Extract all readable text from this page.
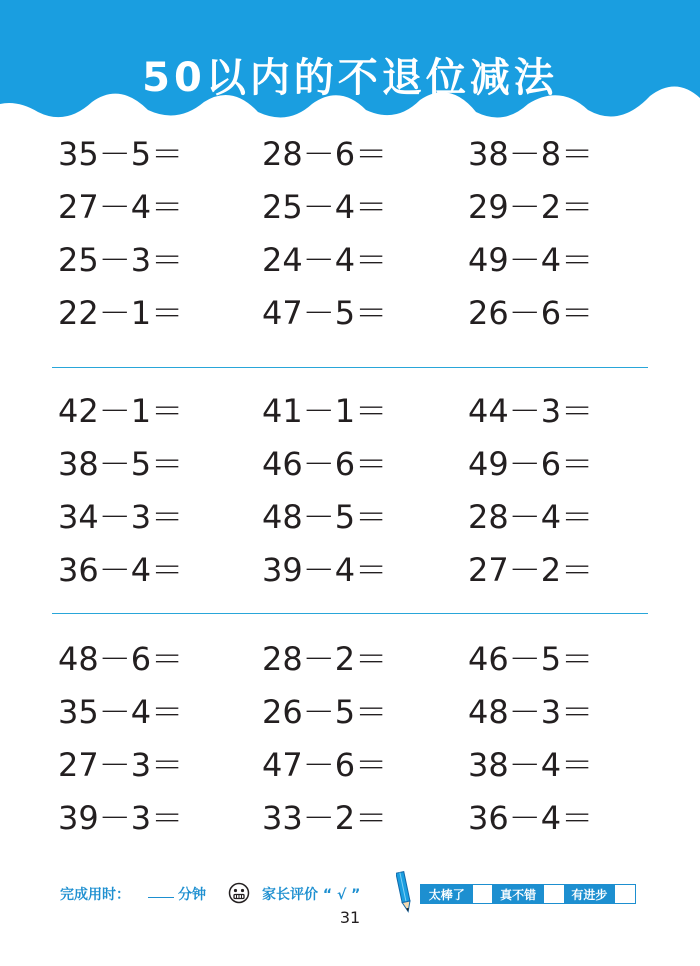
50以内的不退位减法
35－5＝ 28－6＝	38－8＝
27－4＝ 25－4＝	29－2＝
25－3＝ 24－4＝	49－4＝
22－1＝ 47－5＝	26－6＝
42－1＝ 41－1＝	44－3＝
38－5＝ 46－6＝	49－6＝
34－3＝ 48－5＝	28－4＝
36－4＝ 39－4＝	27－2＝
48－6＝ 28－2＝	46－5＝
35－4＝ 26－5＝	48－3＝
27－3＝ 47－6＝	38－4＝
39－3＝ 33－2＝	36－4＝
完成用时：	分钟	家长评价 “ √ ”	太棒了	真不错	有进步
31
